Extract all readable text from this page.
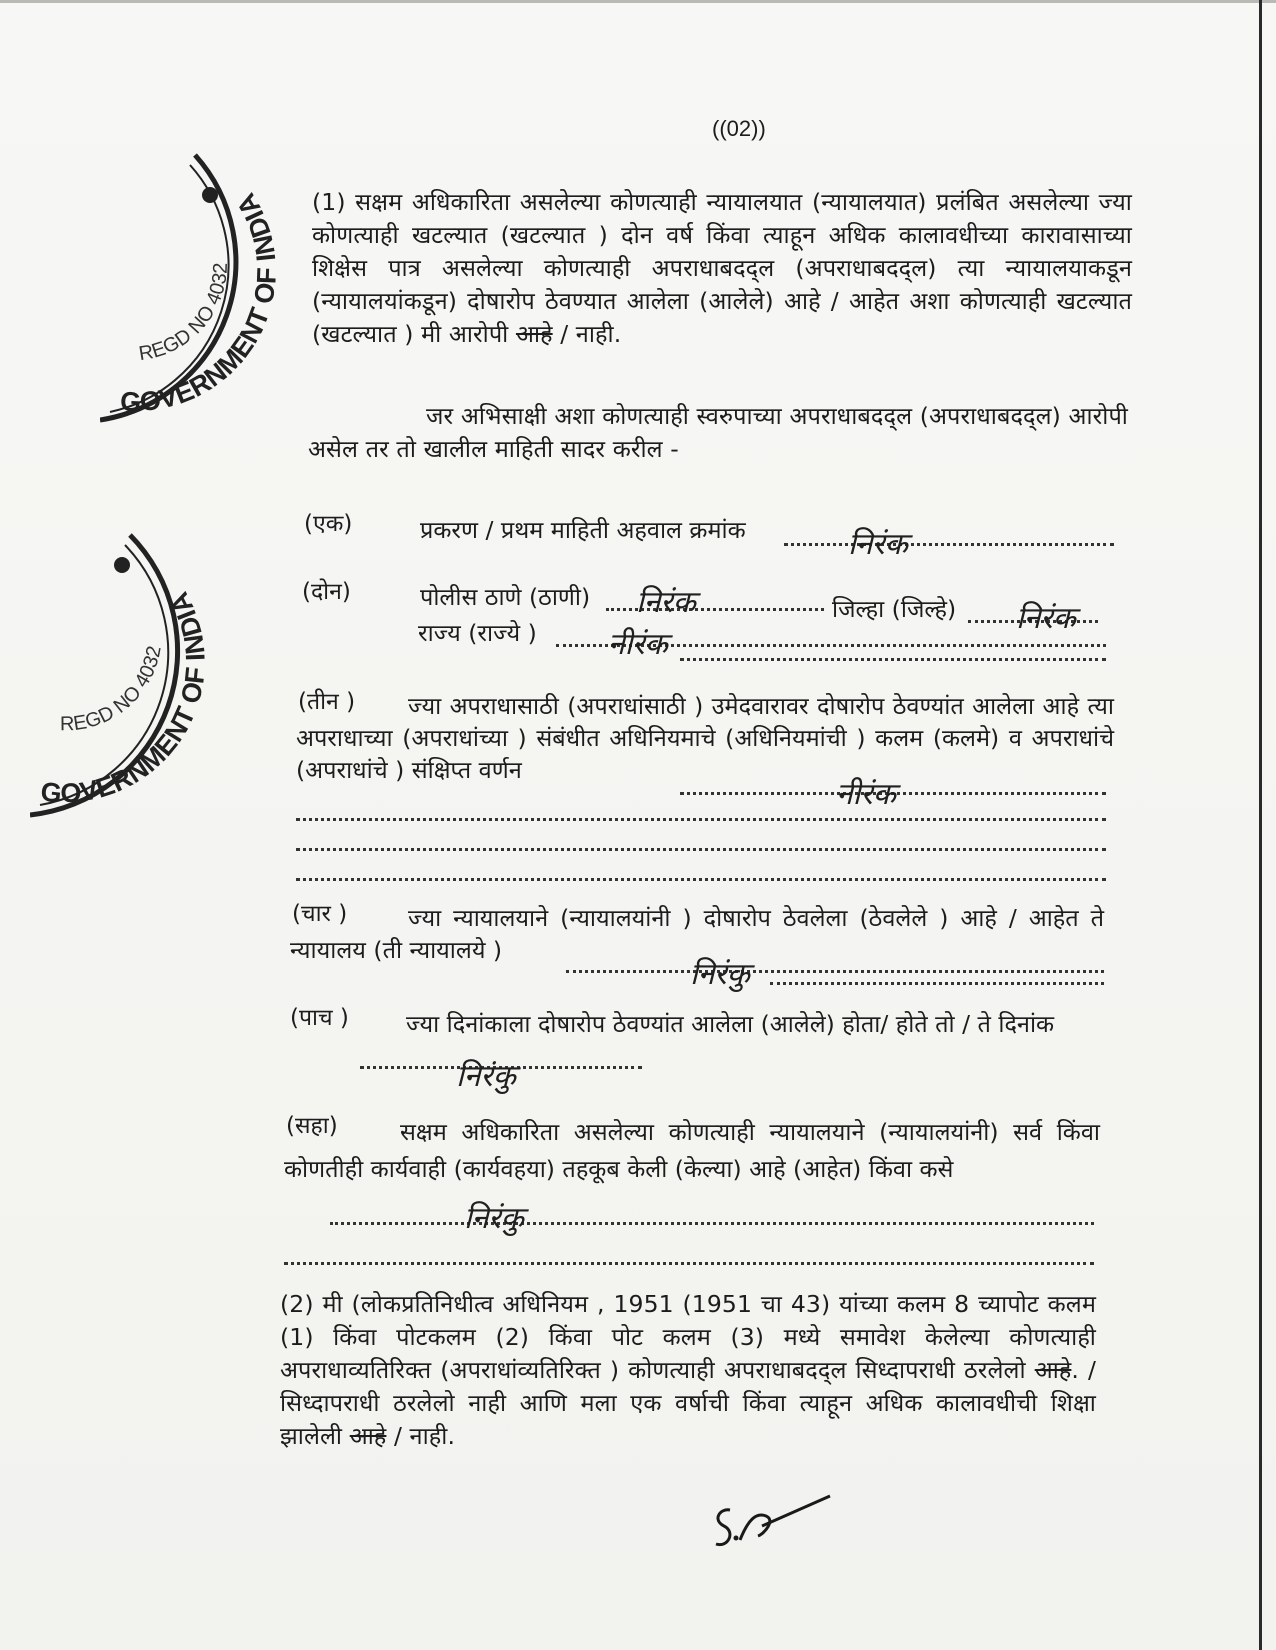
GOVERNMENT OF INDIA
REGD NO 4032
GOVERNMENT OF INDIA
REGD NO 4032
((02))
(1) सक्षम अधिकारिता असलेल्या कोणत्याही न्यायालयात (न्यायालयात) प्रलंबित असलेल्या ज्या कोणत्याही खटल्यात (खटल्यात ) दोन वर्ष किंवा त्याहून अधिक कालावधीच्या कारावासाच्या शिक्षेस पात्र असलेल्या कोणत्याही अपराधाबदद्ल (अपराधाबदद्ल) त्या न्यायालयाकडून (न्यायालयांकडून) दोषारोप ठेवण्यात आलेला (आलेले) आहे / आहेत अशा कोणत्याही खटल्यात (खटल्यात ) मी आरोपी आहे / नाही.
जर अभिसाक्षी अशा कोणत्याही स्वरुपाच्या अपराधाबदद्ल (अपराधाबदद्ल) आरोपी असेल तर तो खालील माहिती सादर करील -
(एक)	प्रकरण / प्रथम माहिती अहवाल क्रमांक	निरंक
(दोन)	पोलीस ठाणे (ठाणी) निरंक	जिल्हा (जिल्हे) निरंक
राज्य (राज्ये ) नीरंक
(तीन )	ज्या अपराधासाठी (अपराधांसाठी ) उमेदवारावर दोषारोप ठेवण्यांत आलेला आहे त्या अपराधाच्या (अपराधांच्या ) संबंधीत अधिनियमाचे (अधिनियमांची ) कलम (कलमे) व अपराधांचे (अपराधांचे ) संक्षिप्त वर्णन
नीरंक
(चार )	ज्या न्यायालयाने (न्यायालयांनी ) दोषारोप ठेवलेला (ठेवलेले ) आहे / आहेत ते न्यायालय (ती न्यायालये )
निरंकु
(पाच )	ज्या दिनांकाला दोषारोप ठेवण्यांत आलेला (आलेले) होता/ होते तो / ते दिनांक
निरंकु
(सहा)	सक्षम अधिकारिता असलेल्या कोणत्याही न्यायालयाने (न्यायालयांनी) सर्व किंवा कोणतीही कार्यवाही (कार्यवहया) तहकूब केली (केल्या) आहे (आहेत) किंवा कसे
निरंकु
(2) मी (लोकप्रतिनिधीत्व अधिनियम , 1951 (1951 चा 43) यांच्या कलम 8 च्यापोट कलम (1) किंवा पोटकलम (2) किंवा पोट कलम (3) मध्ये समावेश केलेल्या कोणत्याही अपराधाव्यतिरिक्त (अपराधांव्यतिरिक्त ) कोणत्याही अपराधाबदद्ल सिध्दापराधी ठरलेलो आहे. /सिध्दापराधी ठरलेलो नाही आणि मला एक वर्षाची किंवा त्याहून अधिक कालावधीची शिक्षा झालेली आहे / नाही.
